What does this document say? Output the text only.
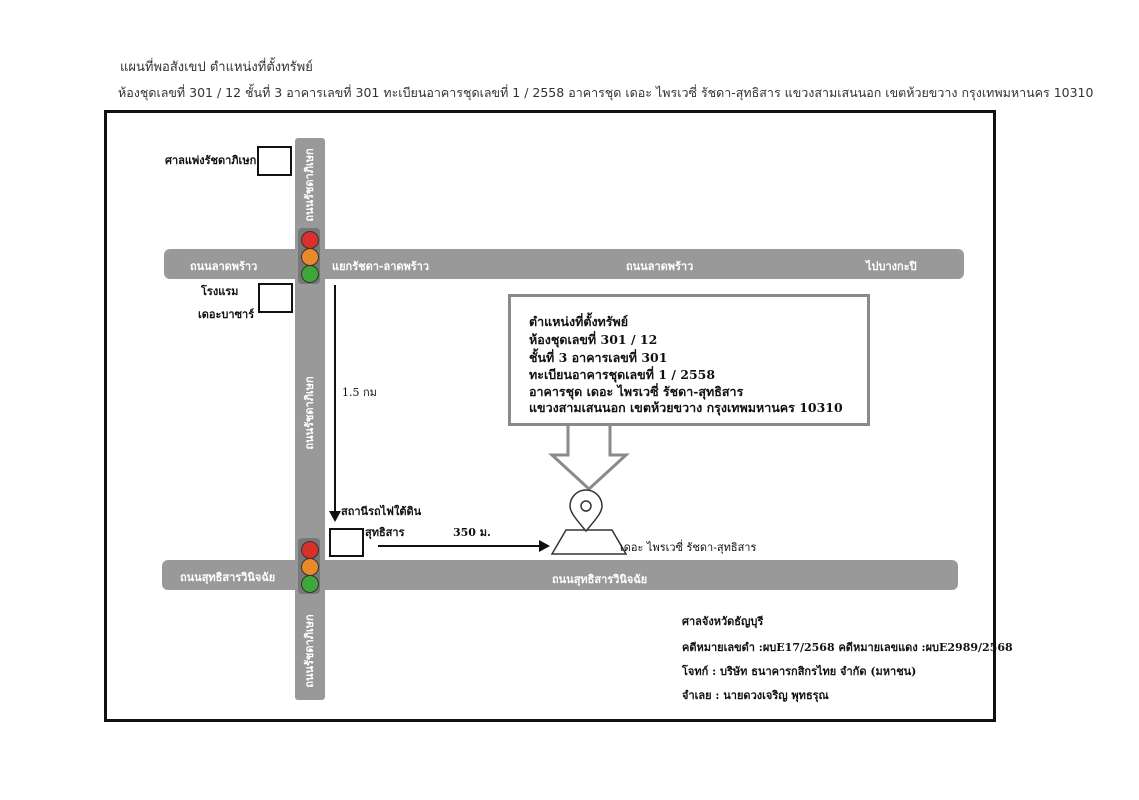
แผนที่พอสังเขป ตำแหน่งที่ตั้งทรัพย์
ห้องชุดเลขที่ 301 / 12 ชั้นที่ 3 อาคารเลขที่ 301 ทะเบียนอาคารชุดเลขที่ 1 / 2558 อาคารชุด เดอะ ไพรเวซี่ รัชดา-สุทธิสาร แขวงสามเสนนอก เขตห้วยขวาง กรุงเทพมหานคร 10310
ถนนรัชดาภิเษก
ถนนรัชดาภิเษก
ถนนรัชดาภิเษก
ถนนลาดพร้าว	ถนนลาดพร้าว	ไปบางกะปิ
แยกรัชดา-ลาดพร้าว
ถนนสุทธิสารวินิจฉัย	ถนนสุทธิสารวินิจฉัย
ศาลแพ่งรัชดาภิเษก
โรงแรม
เดอะบาซาร์
สถานีรถไฟใต้ดิน
สุทธิสาร
1.5 กม
350 ม.
เดอะ ไพรเวซี่ รัชดา-สุทธิสาร
ตำแหน่งที่ตั้งทรัพย์
ห้องชุดเลขที่ 301 / 12
ชั้นที่ 3 อาคารเลขที่ 301
ทะเบียนอาคารชุดเลขที่ 1 / 2558
อาคารชุด เดอะ ไพรเวซี่ รัชดา-สุทธิสาร
แขวงสามเสนนอก เขตห้วยขวาง กรุงเทพมหานคร 10310
ศาลจังหวัดธัญบุรี
คดีหมายเลขดำ :ผบE17/2568 คดีหมายเลขแดง :ผบE2989/2568
โจทก์ : บริษัท ธนาคารกสิกรไทย จำกัด (มหาชน)
จำเลย : นายดวงเจริญ พุทธรุณ
